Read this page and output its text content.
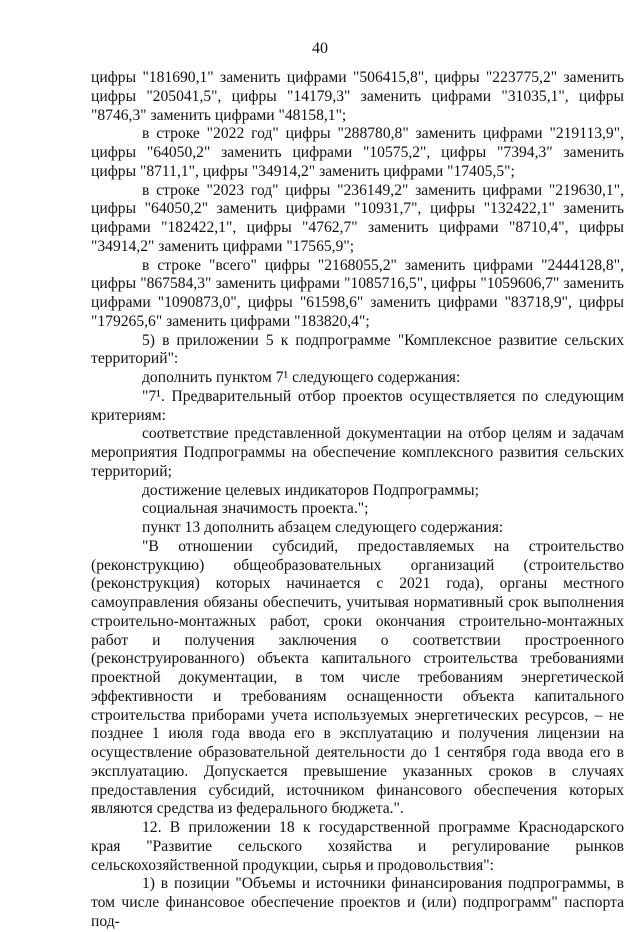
40

цифры "181690,1" заменить цифрами "506415,8", цифры "223775,2" заменить цифры "205041,5", цифры "14179,3" заменить цифрами "31035,1", цифры "8746,3" заменить цифрами "48158,1";

в строке "2022 год" цифры "288780,8" заменить цифрами "219113,9", цифры "64050,2" заменить цифрами "10575,2", цифры "7394,3" заменить цифры "8711,1", цифры "34914,2" заменить цифрами "17405,5";

в строке "2023 год" цифры "236149,2" заменить цифрами "219630,1", цифры "64050,2" заменить цифрами "10931,7", цифры "132422,1" заменить цифрами "182422,1", цифры "4762,7" заменить цифрами "8710,4", цифры "34914,2" заменить цифрами "17565,9";

в строке "всего" цифры "2168055,2" заменить цифрами "2444128,8", цифры "867584,3" заменить цифрами "1085716,5", цифры "1059606,7" заменить цифрами "1090873,0", цифры "61598,6" заменить цифрами "83718,9", цифры "179265,6" заменить цифрами "183820,4";

5) в приложении 5 к подпрограмме "Комплексное развитие сельских территорий":

дополнить пунктом 7¹ следующего содержания:

"7¹. Предварительный отбор проектов осуществляется по следующим критериям:

соответствие представленной документации на отбор целям и задачам мероприятия Подпрограммы на обеспечение комплексного развития сельских территорий;

достижение целевых индикаторов Подпрограммы;

социальная значимость проекта.";

пункт 13 дополнить абзацем следующего содержания:

"В отношении субсидий, предоставляемых на строительство (реконструкцию) общеобразовательных организаций (строительство (реконструкция) которых начинается с 2021 года), органы местного самоуправления обязаны обеспечить, учитывая нормативный срок выполнения строительно-монтажных работ, сроки окончания строительно-монтажных работ и получения заключения о соответствии простроенного (реконструированного) объекта капитального строительства требованиями проектной документации, в том числе требованиям энергетической эффективности и требованиям оснащенности объекта капитального строительства приборами учета используемых энергетических ресурсов, – не позднее 1 июля года ввода его в эксплуатацию и получения лицензии на осуществление образовательной деятельности до 1 сентября года ввода его в эксплуатацию. Допускается превышение указанных сроков в случаях предоставления субсидий, источником финансового обеспечения которых являются средства из федерального бюджета.".

12. В приложении 18 к государственной программе Краснодарского края "Развитие сельского хозяйства и регулирование рынков сельскохозяйственной продукции, сырья и продовольствия":

1) в позиции "Объемы и источники финансирования подпрограммы, в том числе финансовое обеспечение проектов и (или) подпрограмм" паспорта под-
